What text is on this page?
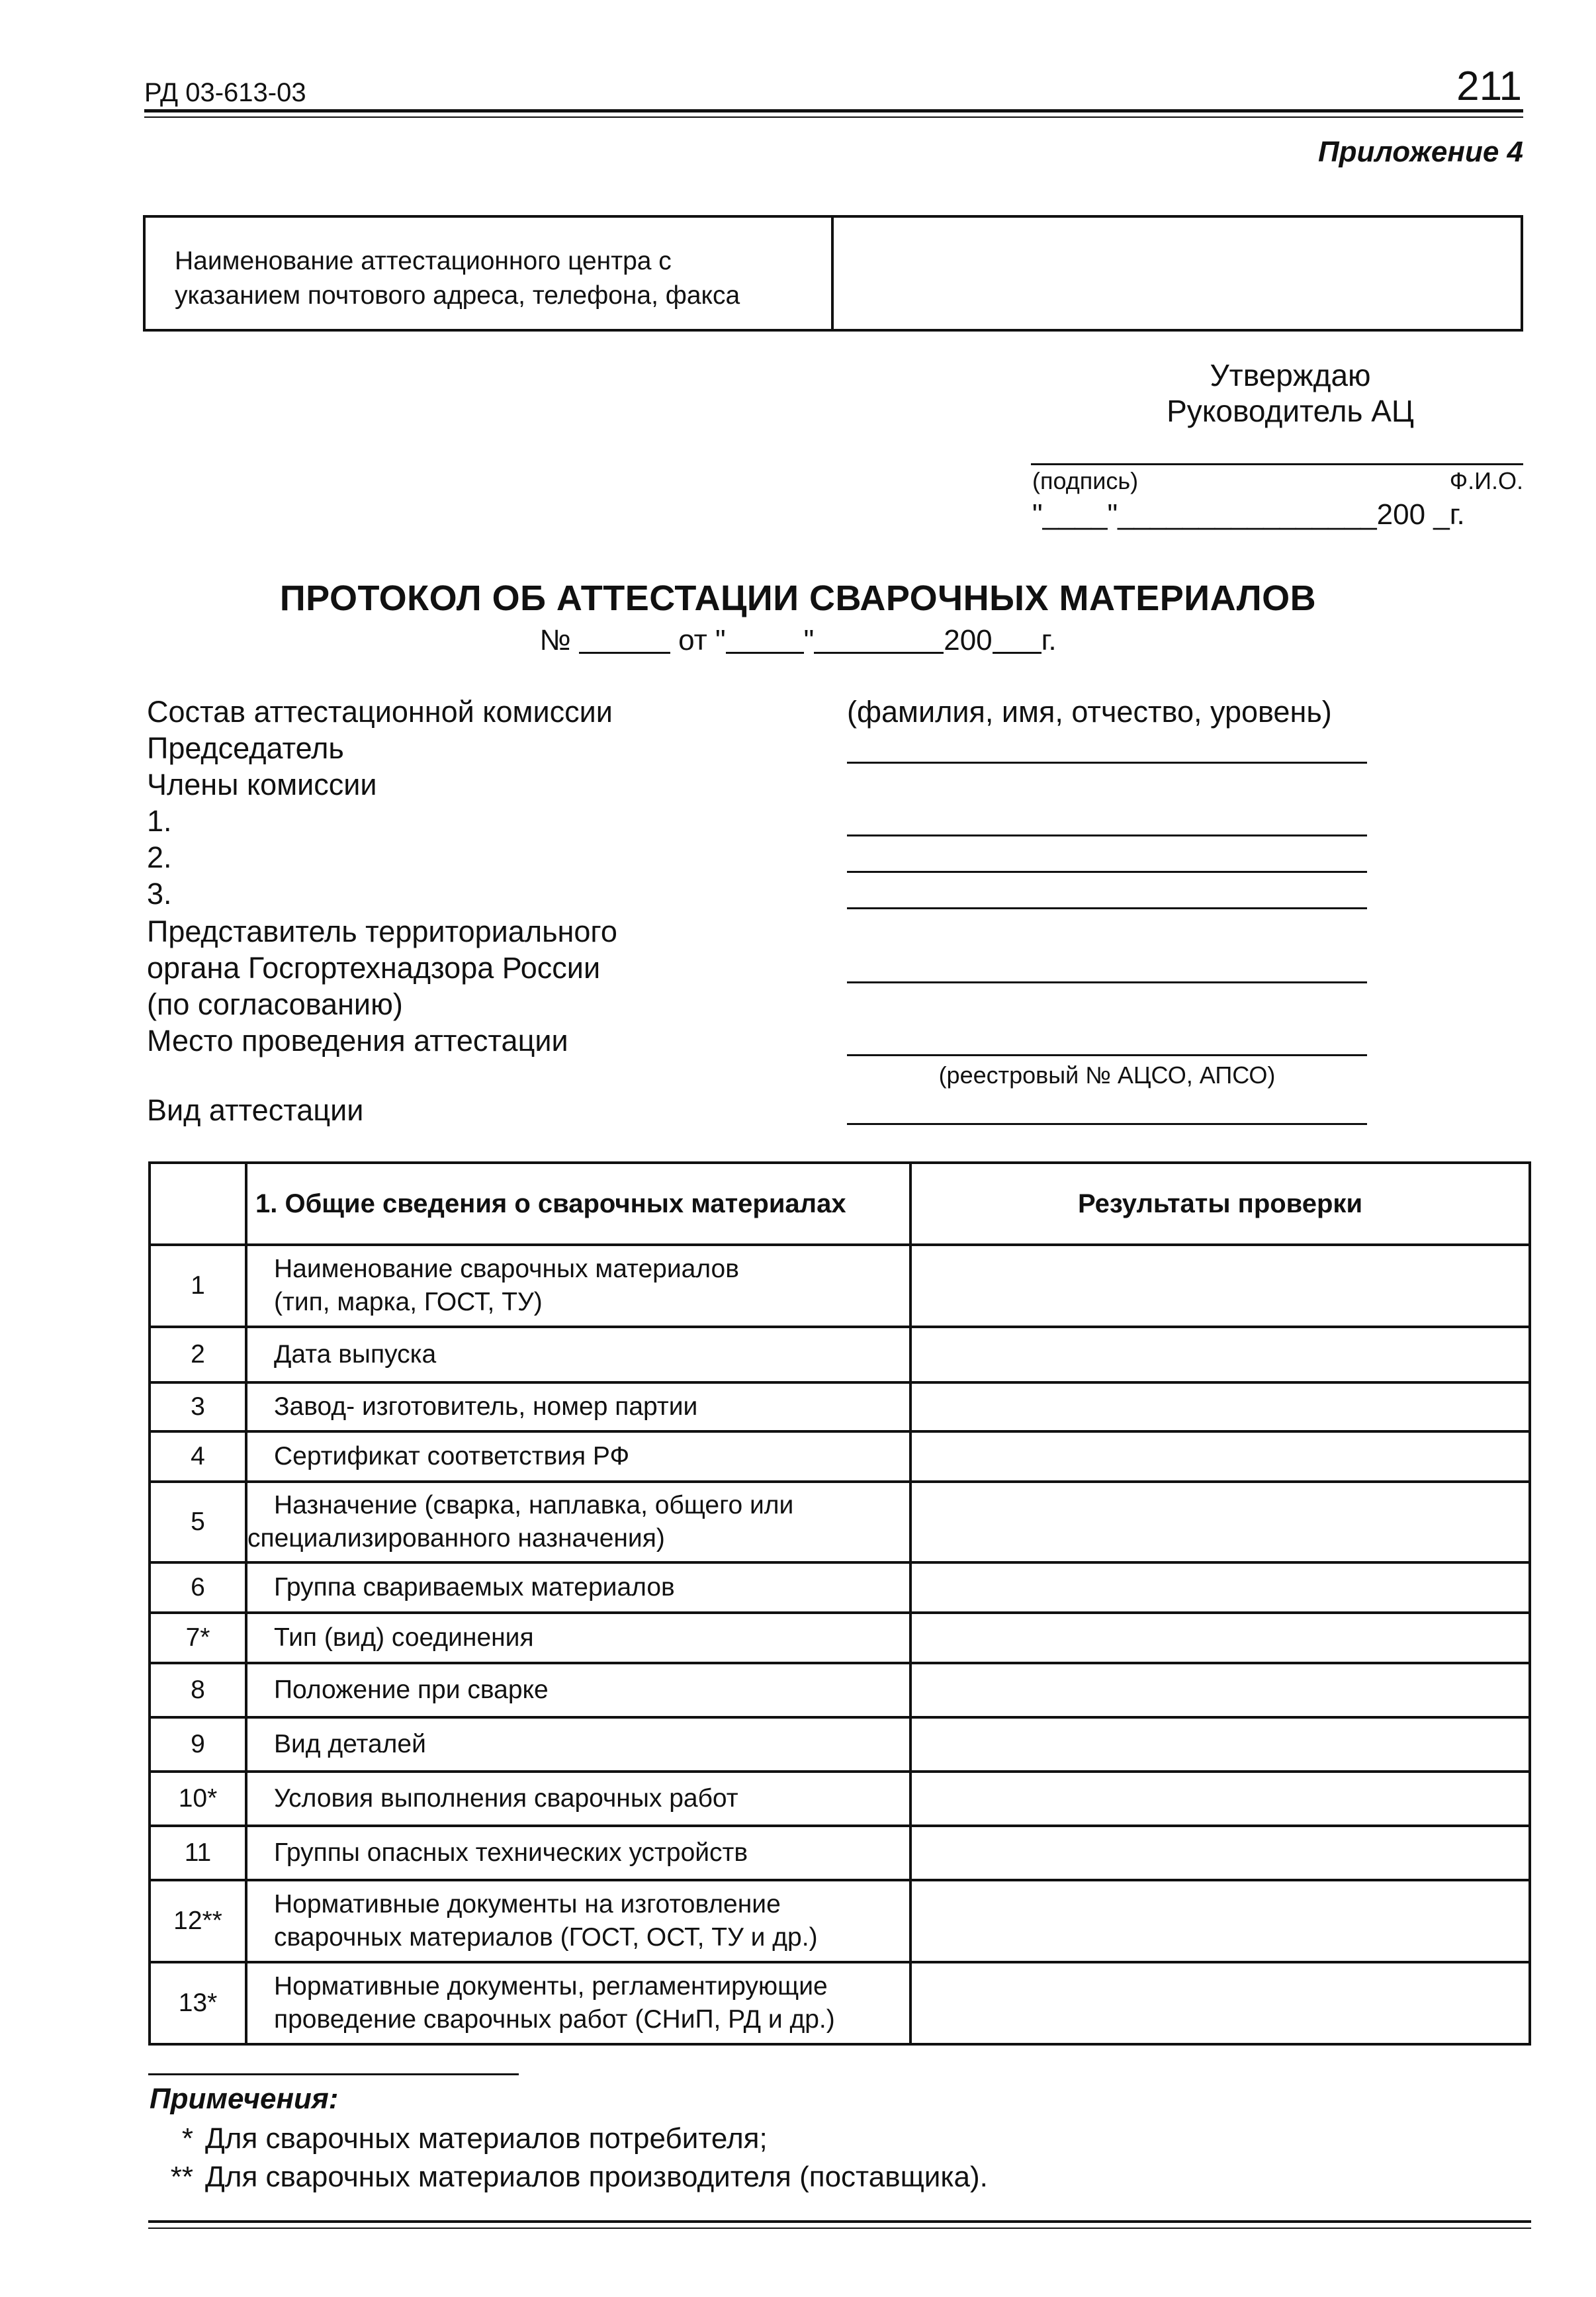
РД 03-613-03	211
Приложение 4
Наименование аттестационного центра с
указанием почтового адреса, телефона, факса
Утверждаю
Руководитель АЦ
(подпись)	Ф.И.О.
"____"________________200 _г.
ПРОТОКОЛ ОБ АТТЕСТАЦИИ СВАРОЧНЫХ МАТЕРИАЛОВ
№	от "	"	200 г.
Состав аттестационной комиссии	(фамилия, имя, отчество, уровень)
Председатель
Члены комиссии
1.
2.
3.
Представитель территориального
органа Госгортехнадзора России
(по согласованию)
Место проведения аттестации
(реестровый № АЦСО, АПСО)
Вид аттестации
	1. Общие сведения о сварочных материалах	Результаты проверки
1	Наименование сварочных материалов
(тип, марка, ГОСТ, ТУ)	

2	Дата выпуска	
3	Завод- изготовитель, номер партии	
4	Сертификат соответствия РФ	
5	Назначение (сварка, наплавка, общего или
специализированного назначения)	

6	Группа свариваемых материалов	
7*	Тип (вид) соединения	
8	Положение при сварке	
9	Вид деталей	
10*	Условия выполнения сварочных работ	
11	Группы опасных технических устройств	
12**	Нормативные документы на изготовление
сварочных материалов (ГОСТ, ОСТ, ТУ и др.)	

13*	Нормативные документы, регламентирующие
проведение сварочных работ (СНиП, РД и др.)	

Примечения:
* Для сварочных материалов потребителя;
** Для сварочных материалов производителя (поставщика).
